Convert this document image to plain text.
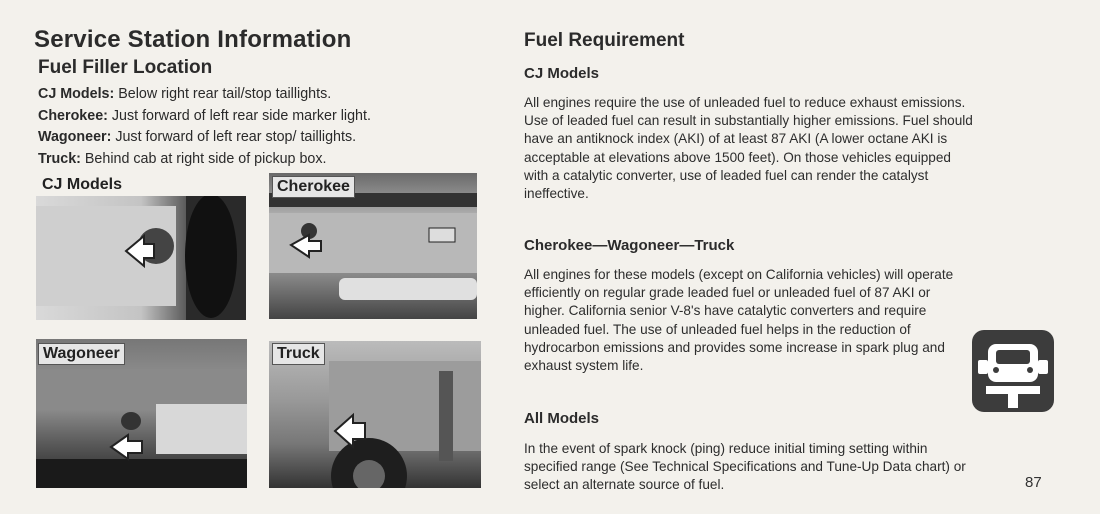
Service Station Information
Fuel Filler Location
CJ Models: Below right rear tail/stop taillights.
Cherokee: Just forward of left rear side marker light.
Wagoneer: Just forward of left rear stop/ taillights.
Truck: Behind cab at right side of pickup box.
CJ Models	Cherokee
Wagoneer	Truck
Fuel Requirement
CJ Models

All engines require the use of unleaded fuel to reduce exhaust emissions. Use of leaded fuel can result in substantially higher emissions. Fuel should have an antiknock index (AKI) of at least 87 AKI (A lower octane AKI is acceptable at elevations above 1500 feet). On those vehicles equipped with a catalytic converter, use of leaded fuel can render the catalyst ineffective.

Cherokee—Wagoneer—Truck

All engines for these models (except on California vehicles) will operate efficiently on regular grade leaded fuel or unleaded fuel of 87 AKI or higher. California senior V-8's have catalytic converters and require unleaded fuel. The use of unleaded fuel helps in the reduction of hydrocarbon emissions and provides some increase in spark plug and exhaust system life.

All Models

In the event of spark knock (ping) reduce initial timing setting within specified range (See Technical Specifications and Tune-Up Data chart) or select an alternate source of fuel.	87
